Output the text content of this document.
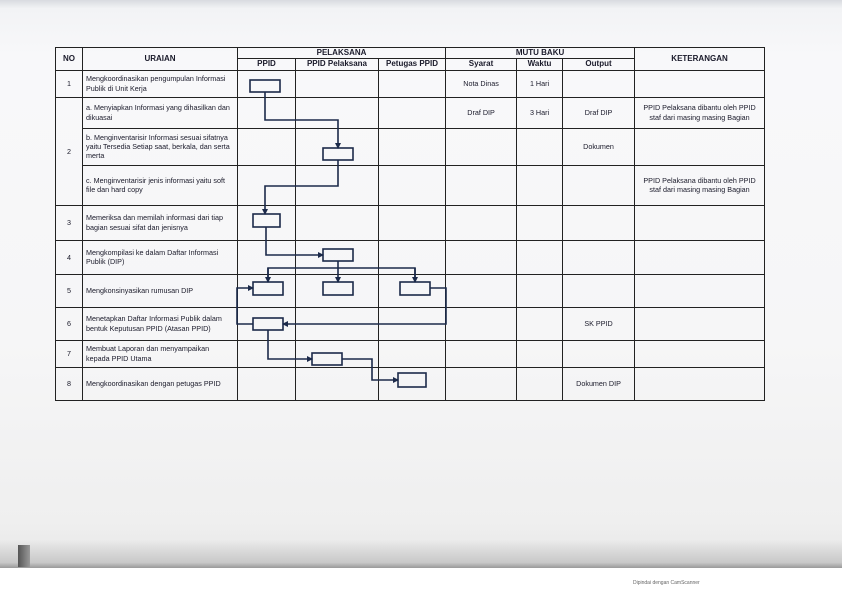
NO	URAIAN	PELAKSANA			MUTU BAKU			KETERANGAN
		PPID	PPID Pelaksana	Petugas PPID	Syarat	Waktu	Output	
1	Mengkoordinasikan pengumpulan Informasi Publik di Unit Kerja				Nota Dinas	1 Hari		
2	a. Menyiapkan Informasi yang dihasilkan dan dikuasai				Draf DIP	3 Hari	Draf DIP	PPID Pelaksana dibantu oleh PPID staf dari masing masing Bagian
	b. Menginventarisir Informasi sesuai sifatnya yaitu Tersedia Setiap saat, berkala, dan serta merta						Dokumen	
	c. Menginventarisir jenis informasi yaitu soft file dan hard copy							PPID Pelaksana dibantu oleh PPID staf dari masing masing Bagian
3	Memeriksa dan memilah informasi dari tiap bagian sesuai sifat dan jenisnya							
4	Mengkompilasi ke dalam Daftar Informasi Publik (DIP)							
5	Mengkonsinyasikan rumusan DIP							
6	Menetapkan Daftar Informasi Publik dalam bentuk Keputusan PPID (Atasan PPID)						SK PPID	
7	Membuat Laporan dan menyampaikan kepada PPID Utama							
8	Mengkoordinasikan dengan petugas PPID						Dokumen DIP	
Dipindai dengan CamScanner
